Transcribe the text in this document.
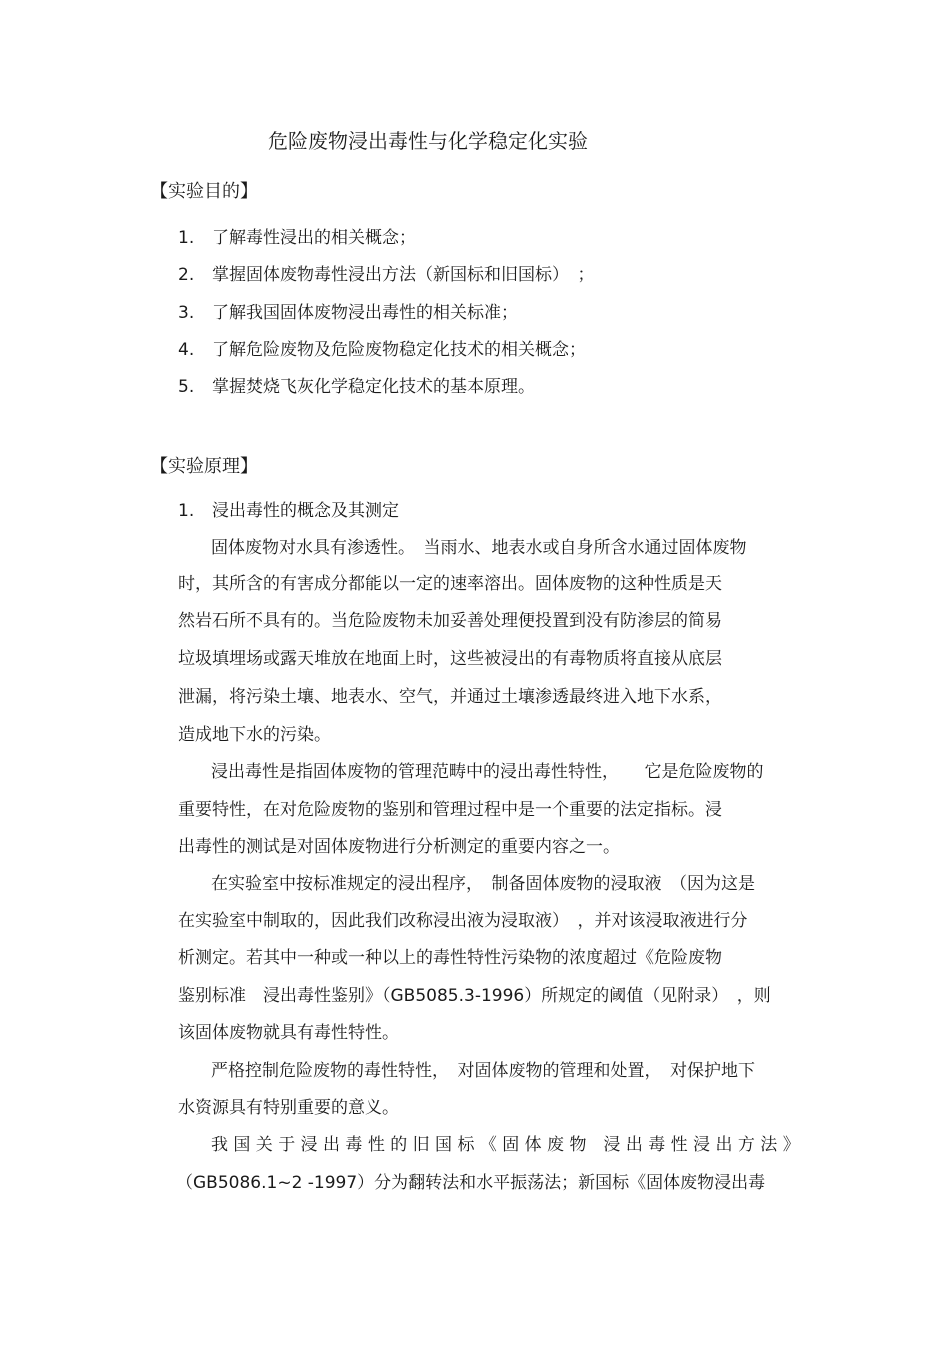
危险废物浸出毒性与化学稳定化实验
【实验目的】
1. 了解毒性浸出的相关概念；
2. 掌握固体废物毒性浸出方法（新国标和旧国标）　；
3. 了解我国固体废物浸出毒性的相关标准；
4. 了解危险废物及危险废物稳定化技术的相关概念；
5. 掌握焚烧飞灰化学稳定化技术的基本原理。
【实验原理】
1. 浸出毒性的概念及其测定
固体废物对水具有渗透性。　当雨水、地表水或自身所含水通过固体废物
时，其所含的有害成分都能以一定的速率溶出。固体废物的这种性质是天
然岩石所不具有的。当危险废物未加妥善处理便投置到没有防渗层的简易
垃圾填埋场或露天堆放在地面上时，这些被浸出的有毒物质将直接从底层
泄漏，将污染土壤、地表水、空气，并通过土壤渗透最终进入地下水系，
造成地下水的污染。
浸出毒性是指固体废物的管理范畴中的浸出毒性特性，　　它是危险废物的
重要特性，在对危险废物的鉴别和管理过程中是一个重要的法定指标。浸
出毒性的测试是对固体废物进行分析测定的重要内容之一。
在实验室中按标准规定的浸出程序，　制备固体废物的浸取液　（因为这是
在实验室中制取的，因此我们改称浸出液为浸取液）　，并对该浸取液进行分
析测定。若其中一种或一种以上的毒性特性污染物的浓度超过《危险废物
鉴别标准　浸出毒性鉴别》（GB5085.3-1996）所规定的阈值（见附录）　，则
该固体废物就具有毒性特性。
严格控制危险废物的毒性特性，　对固体废物的管理和处置，　对保护地下
水资源具有特别重要的意义。
我 国 关 于 浸 出 毒 性 的 旧 国 标 《 固 体 废 物　浸 出 毒 性 浸 出 方 法 》
（GB5086.1~2 -1997）分为翻转法和水平振荡法；新国标《固体废物浸出毒
